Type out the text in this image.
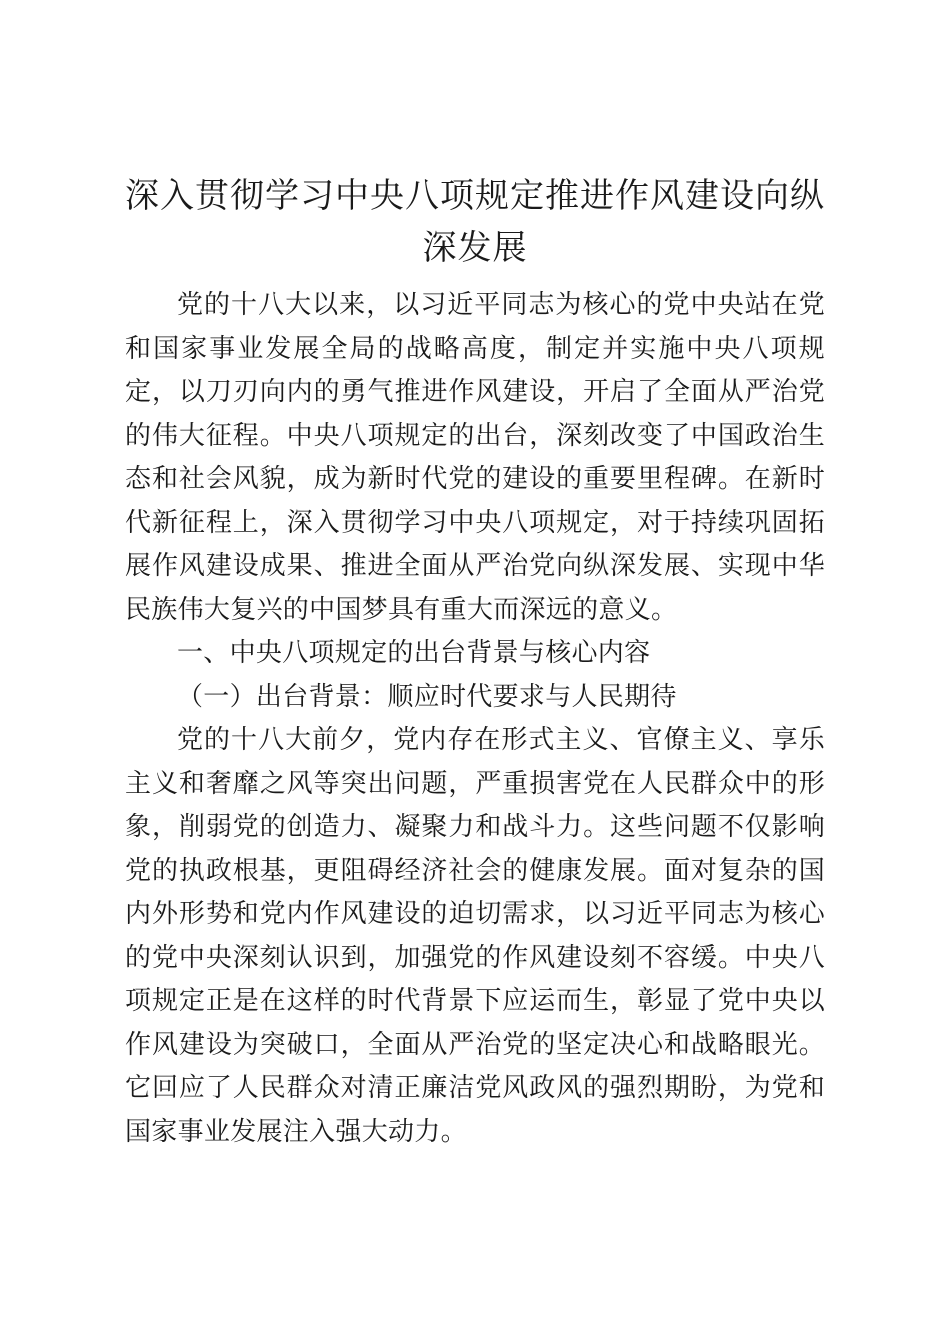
深入贯彻学习中央八项规定推进作风建设向纵深发展

党的十八大以来，以习近平同志为核心的党中央站在党和国家事业发展全局的战略高度，制定并实施中央八项规定，以刀刃向内的勇气推进作风建设，开启了全面从严治党的伟大征程。中央八项规定的出台，深刻改变了中国政治生态和社会风貌，成为新时代党的建设的重要里程碑。在新时代新征程上，深入贯彻学习中央八项规定，对于持续巩固拓展作风建设成果、推进全面从严治党向纵深发展、实现中华民族伟大复兴的中国梦具有重大而深远的意义。

一、中央八项规定的出台背景与核心内容

（一）出台背景：顺应时代要求与人民期待

党的十八大前夕，党内存在形式主义、官僚主义、享乐主义和奢靡之风等突出问题，严重损害党在人民群众中的形象，削弱党的创造力、凝聚力和战斗力。这些问题不仅影响党的执政根基，更阻碍经济社会的健康发展。面对复杂的国内外形势和党内作风建设的迫切需求，以习近平同志为核心的党中央深刻认识到，加强党的作风建设刻不容缓。中央八项规定正是在这样的时代背景下应运而生，彰显了党中央以作风建设为突破口，全面从严治党的坚定决心和战略眼光。它回应了人民群众对清正廉洁党风政风的强烈期盼，为党和国家事业发展注入强大动力。
